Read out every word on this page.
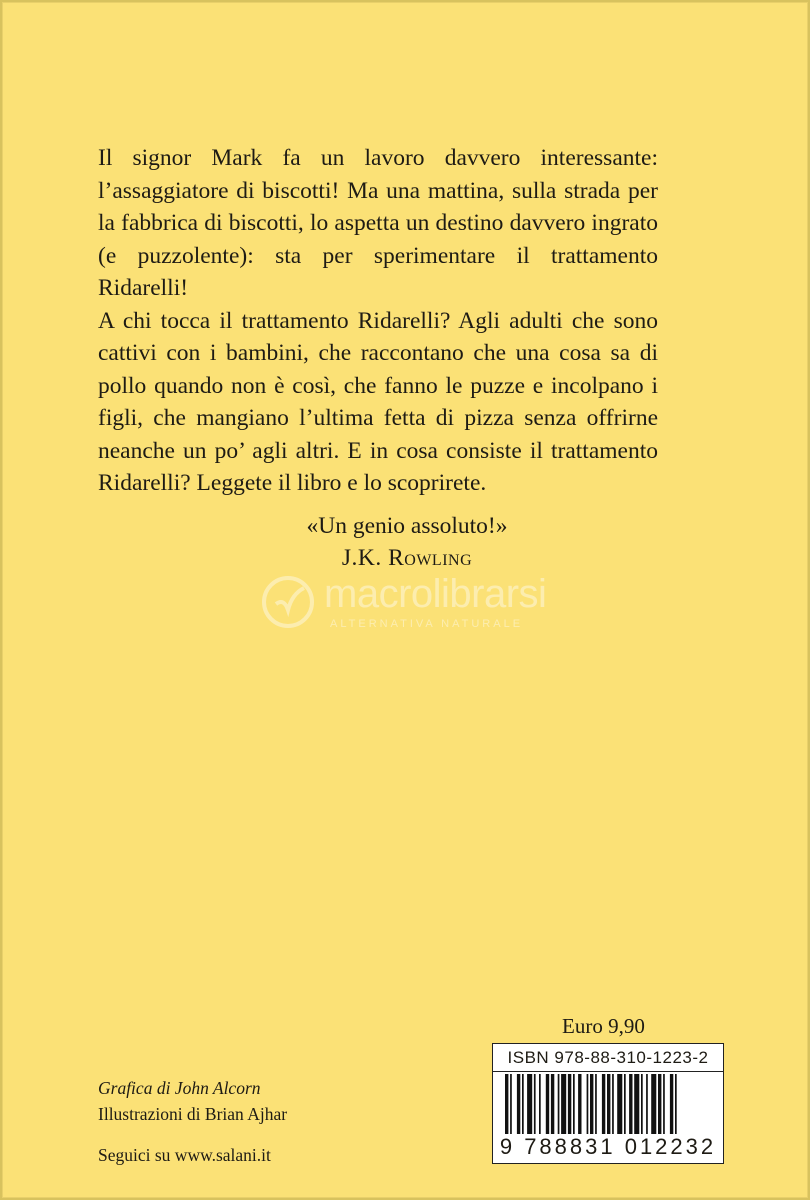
Il signor Mark fa un lavoro davvero interessante: l’assaggiatore di biscotti! Ma una mattina, sulla strada per la fabbrica di biscotti, lo aspetta un destino davvero ingrato (e puzzolente): sta per sperimentare il trattamento Ridarelli!

A chi tocca il trattamento Ridarelli? Agli adulti che sono cattivi con i bambini, che raccontano che una cosa sa di pollo quando non è così, che fanno le puzze e incolpano i figli, che mangiano l’ultima fetta di pizza senza offrirne neanche un po’ agli altri. E in cosa consiste il trattamento Ridarelli? Leggete il libro e lo scoprirete.

«Un genio assoluto!»
J.K. Rowling
macrolibrarsi
ALTERNATIVA NATURALE
Grafica di John Alcorn
Illustrazioni di Brian Ajhar
Seguici su www.salani.it
Euro 9,90
ISBN 978-88-310-1223-2
9 788831 012232
